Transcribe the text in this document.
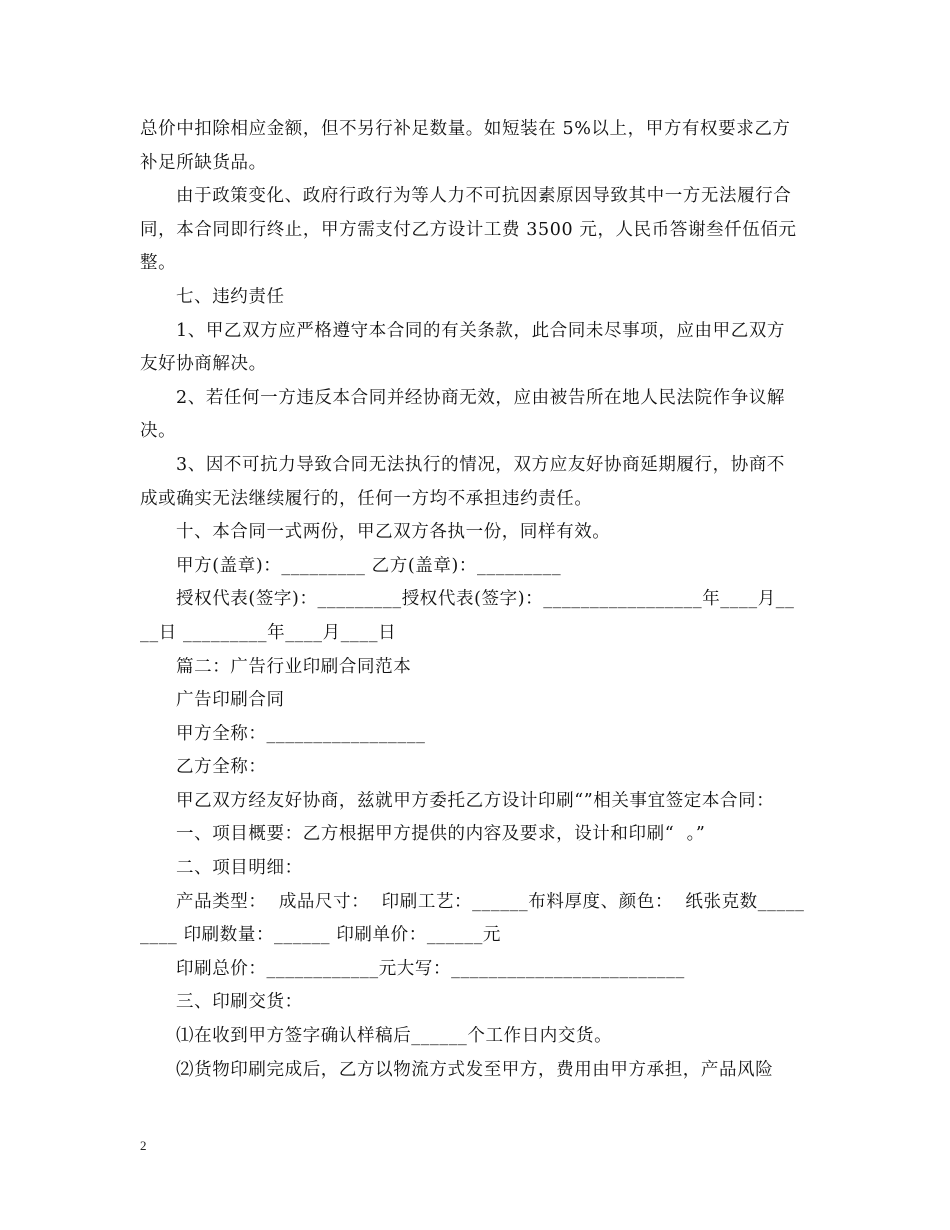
总价中扣除相应金额，但不另行补足数量。如短装在 5%以上，甲方有权要求乙方

补足所缺货品。

由于政策变化、政府行政行为等人力不可抗因素原因导致其中一方无法履行合

同，本合同即行终止，甲方需支付乙方设计工费 3500 元，人民币答谢叁仟伍佰元

整。

七、违约责任

1、甲乙双方应严格遵守本合同的有关条款，此合同未尽事项，应由甲乙双方

友好协商解决。

2、若任何一方违反本合同并经协商无效，应由被告所在地人民法院作争议解

决。

3、因不可抗力导致合同无法执行的情况，双方应友好协商延期履行，协商不

成或确实无法继续履行的，任何一方均不承担违约责任。

十、本合同一式两份，甲乙双方各执一份，同样有效。

甲方(盖章)：_________ 乙方(盖章)：_________

授权代表(签字)：_________授权代表(签字)：_________________年____月__

__日 _________年____月____日

篇二：广告行业印刷合同范本

广告印刷合同

甲方全称：_________________

乙方全称：

甲乙双方经友好协商，兹就甲方委托乙方设计印刷“”相关事宜签定本合同：

一、项目概要：乙方根据甲方提供的内容及要求，设计和印刷“  。”

二、项目明细：

产品类型：  成品尺寸：  印刷工艺：______布料厚度、颜色：  纸张克数_____

____ 印刷数量：______ 印刷单价：______元

印刷总价：____________元大写：_________________________

三、印刷交货：

⑴在收到甲方签字确认样稿后______个工作日内交货。

⑵货物印刷完成后，乙方以物流方式发至甲方，费用由甲方承担，产品风险

2
